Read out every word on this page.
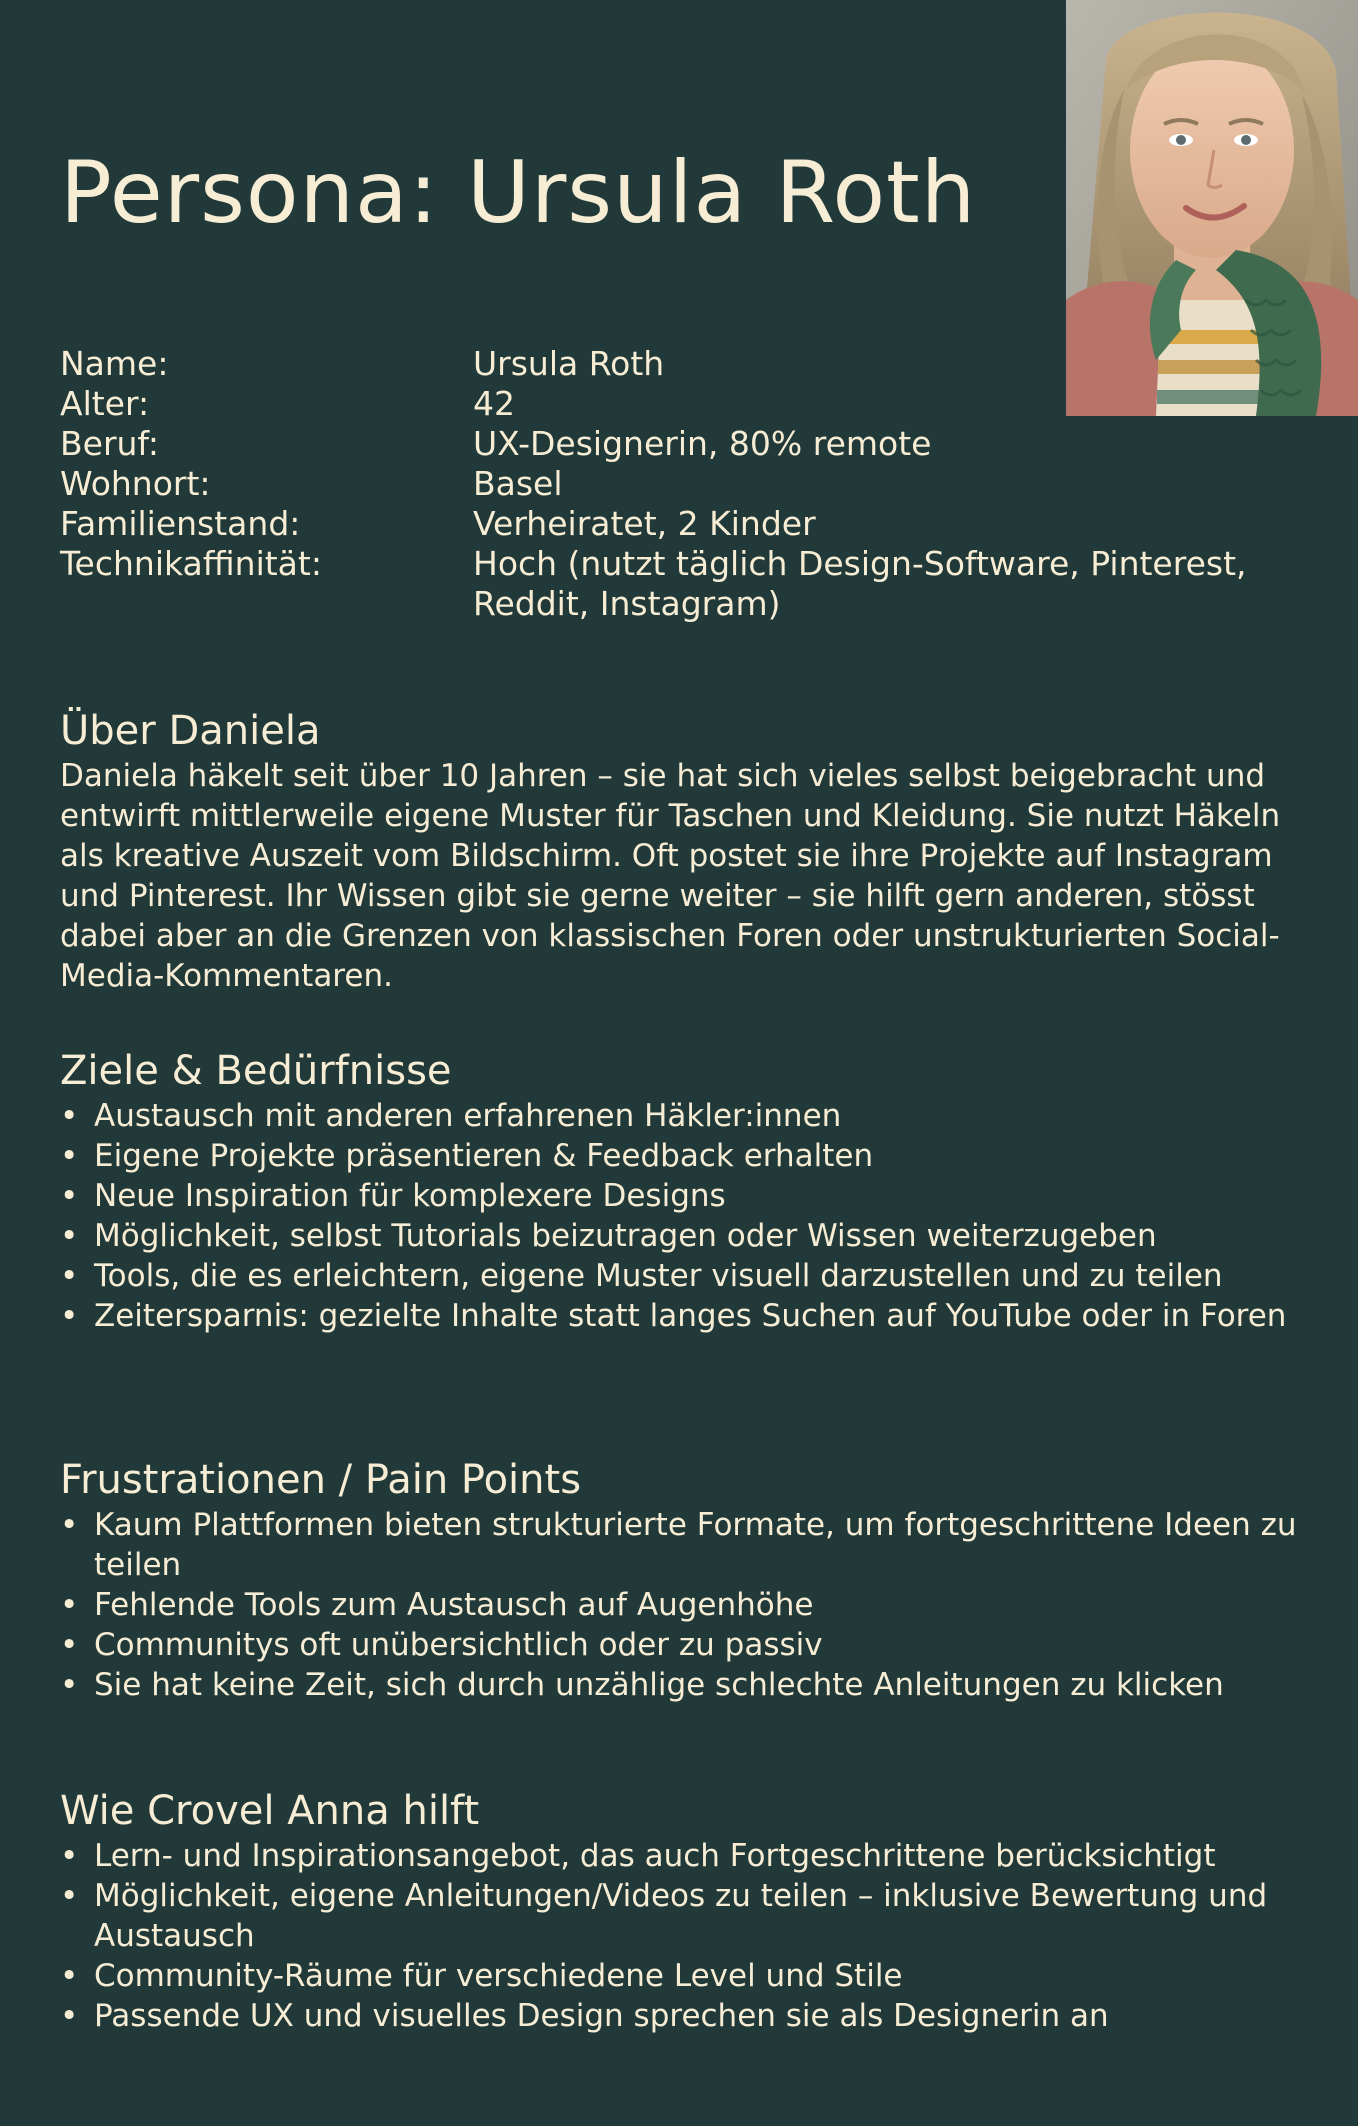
Persona: Ursula Roth
Name:	Ursula Roth
Alter:	42
Beruf:	UX-Designerin, 80% remote
Wohnort:	Basel
Familienstand:	Verheiratet, 2 Kinder
Technikaffinität:	Hoch (nutzt täglich Design-Software, Pinterest, Reddit, Instagram)
Über Daniela

Daniela häkelt seit über 10 Jahren – sie hat sich vieles selbst beigebracht und entwirft mittlerweile eigene Muster für Taschen und Kleidung. Sie nutzt Häkeln als kreative Auszeit vom Bildschirm. Oft postet sie ihre Projekte auf Instagram und Pinterest. Ihr Wissen gibt sie gerne weiter – sie hilft gern anderen, stösst dabei aber an die Grenzen von klassischen Foren oder unstrukturierten Social-Media-Kommentaren.

Ziele & Bedürfnisse
• Austausch mit anderen erfahrenen Häkler:innen
• Eigene Projekte präsentieren & Feedback erhalten
• Neue Inspiration für komplexere Designs
• Möglichkeit, selbst Tutorials beizutragen oder Wissen weiterzugeben
• Tools, die es erleichtern, eigene Muster visuell darzustellen und zu teilen
• Zeitersparnis: gezielte Inhalte statt langes Suchen auf YouTube oder in Foren
Frustrationen / Pain Points
• Kaum Plattformen bieten strukturierte Formate, um fortgeschrittene Ideen zu teilen
• Fehlende Tools zum Austausch auf Augenhöhe
• Communitys oft unübersichtlich oder zu passiv
• Sie hat keine Zeit, sich durch unzählige schlechte Anleitungen zu klicken
Wie Crovel Anna hilft
• Lern- und Inspirationsangebot, das auch Fortgeschrittene berücksichtigt
• Möglichkeit, eigene Anleitungen/Videos zu teilen – inklusive Bewertung und Austausch
• Community-Räume für verschiedene Level und Stile
• Passende UX und visuelles Design sprechen sie als Designerin an
